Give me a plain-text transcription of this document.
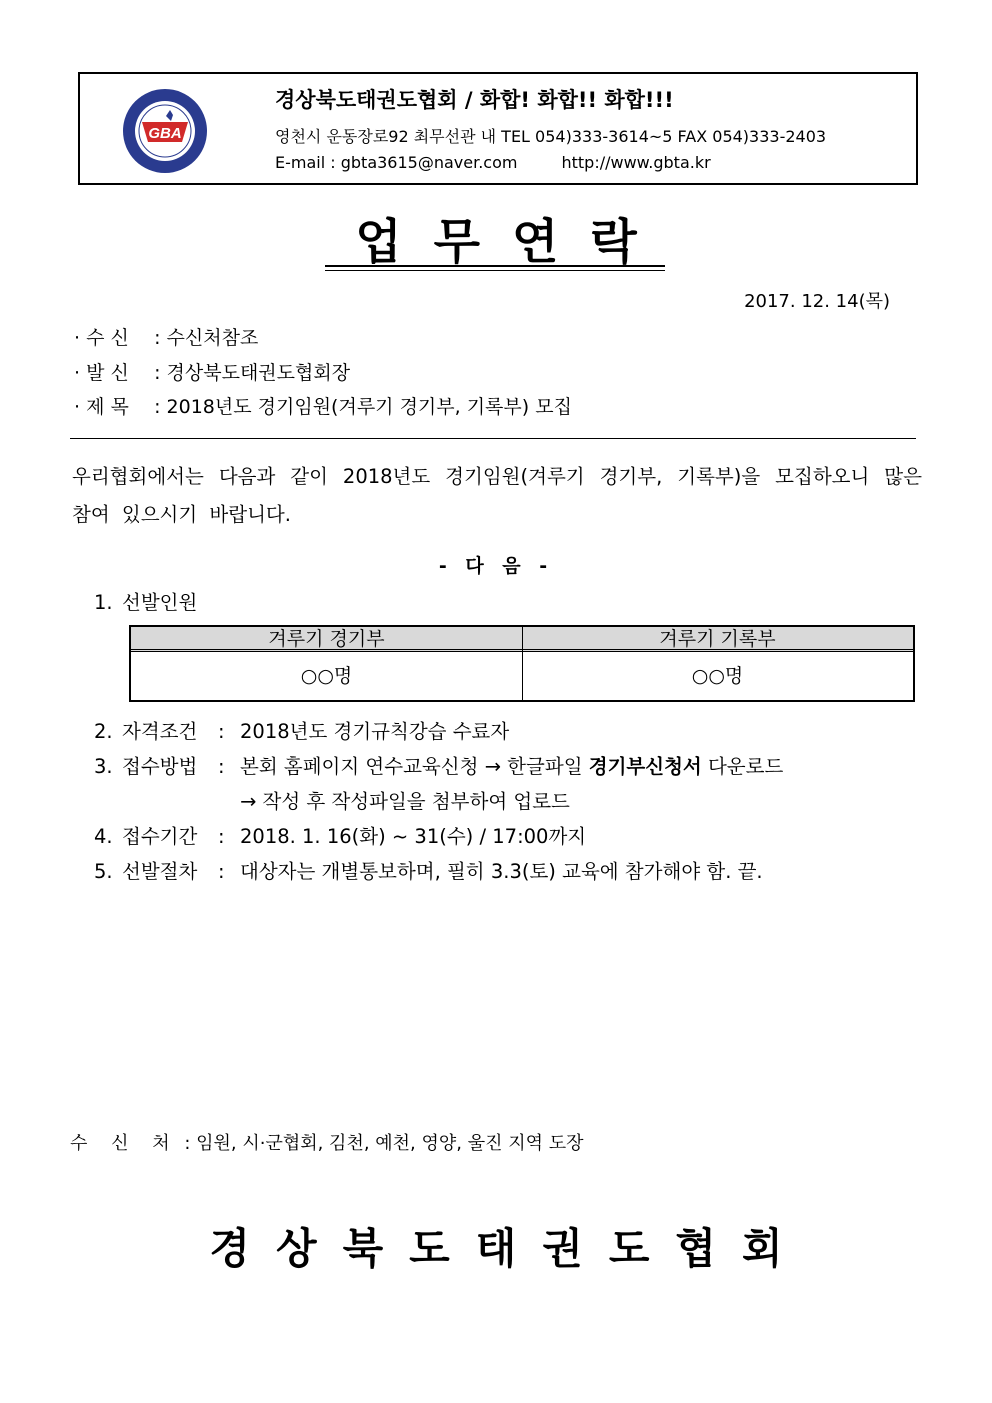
GBA
경상북도태권도협회 / 화합! 화합!! 화합!!!
영천시 운동장로92 최무선관 내 TEL 054)333-3614~5 FAX 054)333-2403
E-mail : gbta3615@naver.com	http://www.gbta.kr
업무연락
2017. 12. 14(목)
· 수 신 : 수신처참조
· 발 신 : 경상북도태권도협회장
· 제 목 : 2018년도 경기임원(겨루기 경기부, 기록부) 모집
우리협회에서는 다음과 같이 2018년도 경기임원(겨루기 경기부, 기록부)을 모집하오니 많은 참여 있으시기 바랍니다.
- 다 음 -
1. 선발인원
겨루기 경기부	겨루기 기록부
○○명	○○명
2. 자격조건 : 2018년도 경기규칙강습 수료자
3. 접수방법 : 본회 홈페이지 연수교육신청 → 한글파일 경기부신청서 다운로드
→ 작성 후 작성파일을 첨부하여 업로드
4. 접수기간 : 2018. 1. 16(화) ~ 31(수) / 17:00까지
5. 선발절차 : 대상자는 개별통보하며, 필히 3.3(토) 교육에 참가해야 함. 끝.
수 신 처 : 임원, 시·군협회, 김천, 예천, 영양, 울진 지역 도장
경상북도태권도협회
